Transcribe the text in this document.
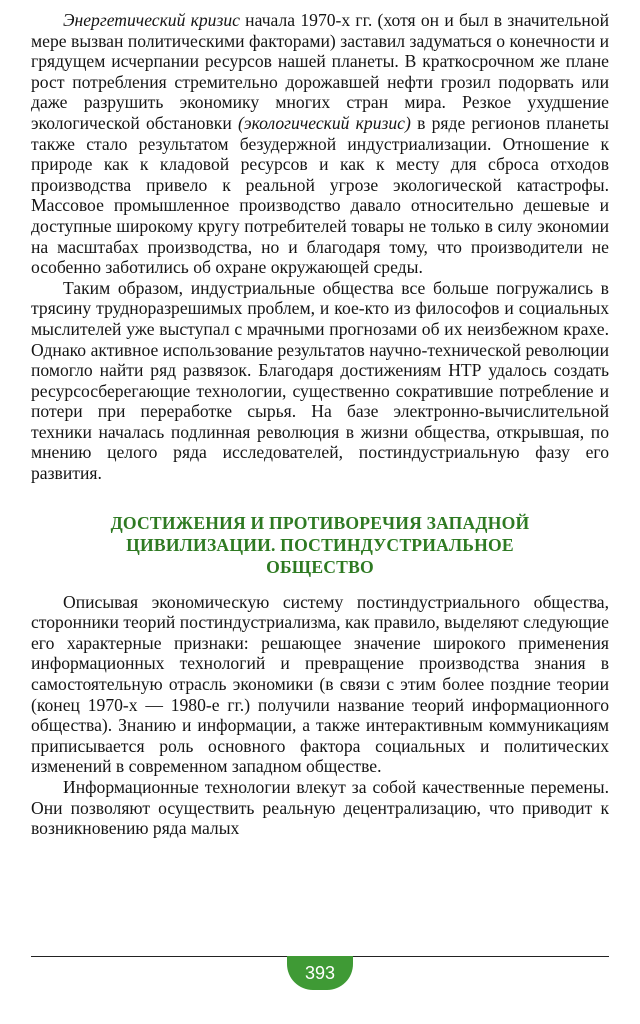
Энергетический кризис начала 1970-х гг. (хотя он и был в значительной мере вызван политическими факторами) заставил задуматься о конечности и грядущем исчерпании ресурсов нашей планеты. В краткосрочном же плане рост потребления стремительно дорожавшей нефти грозил подорвать или даже разрушить экономику многих стран мира. Резкое ухудшение экологической обстановки (экологический кризис) в ряде регионов планеты также стало результатом безудержной индустриализации. Отношение к природе как к кладовой ресурсов и как к месту для сброса отходов производства привело к реальной угрозе экологической катастрофы. Массовое промышленное производство давало относительно дешевые и доступные широкому кругу потребителей товары не только в силу экономии на масштабах производства, но и благодаря тому, что производители не особенно заботились об охране окружающей среды.

Таким образом, индустриальные общества все больше погружались в трясину трудноразрешимых проблем, и кое-кто из философов и социальных мыслителей уже выступал с мрачными прогнозами об их неизбежном крахе. Однако активное использование результатов научно-технической революции помогло найти ряд развязок. Благодаря достижениям НТР удалось создать ресурсосберегающие технологии, существенно сократившие потребление и потери при переработке сырья. На базе электронно-вычислительной техники началась подлинная революция в жизни общества, открывшая, по мнению целого ряда исследователей, постиндустриальную фазу его развития.

ДОСТИЖЕНИЯ И ПРОТИВОРЕЧИЯ ЗАПАДНОЙ
ЦИВИЛИЗАЦИИ. ПОСТИНДУСТРИАЛЬНОЕ
ОБЩЕСТВО

Описывая экономическую систему постиндустриального общества, сторонники теорий постиндустриализма, как правило, выделяют следующие его характерные признаки: решающее значение широкого применения информационных технологий и превращение производства знания в самостоятельную отрасль экономики (в связи с этим более поздние теории (конец 1970-х — 1980-е гг.) получили название теорий информационного общества). Знанию и информации, а также интерактивным коммуникациям приписывается роль основного фактора социальных и политических изменений в современном западном обществе.

Информационные технологии влекут за собой качественные перемены. Они позволяют осуществить реальную децентрализацию, что приводит к возникновению ряда малых

393
